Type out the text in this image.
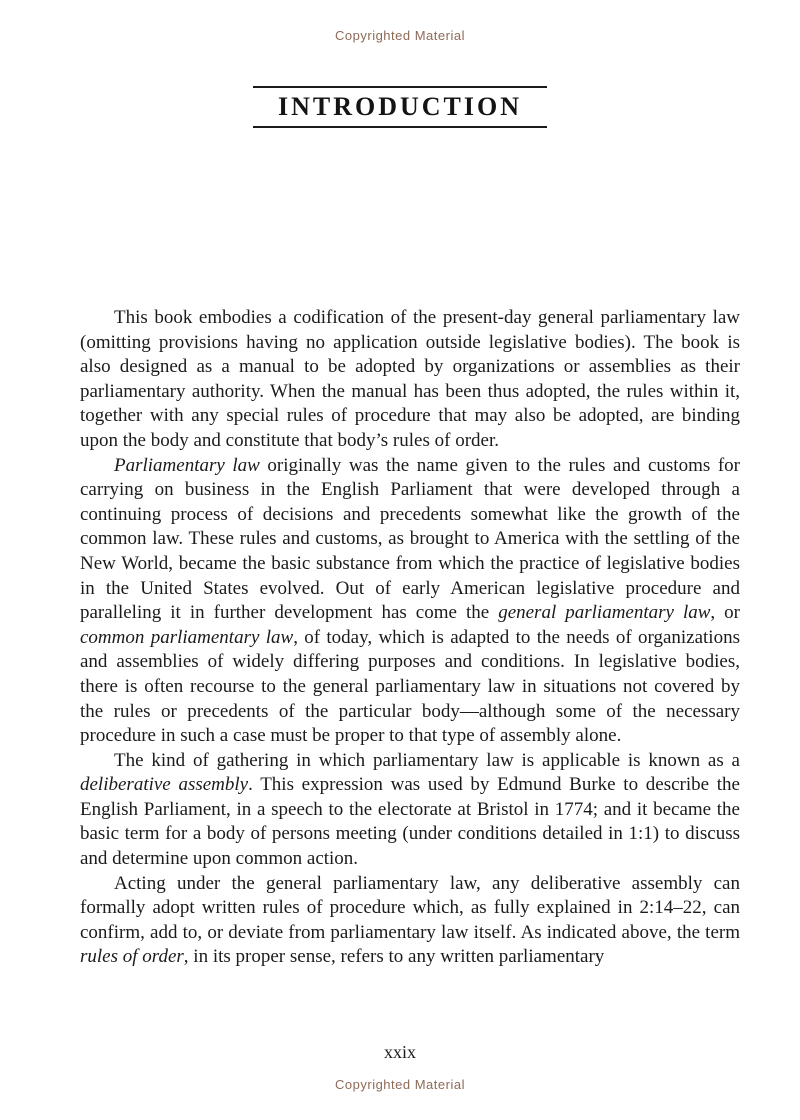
Copyrighted Material
INTRODUCTION

This book embodies a codification of the present-day general parliamentary law (omitting provisions having no application outside legislative bodies). The book is also designed as a manual to be adopted by organizations or assemblies as their parliamentary authority. When the manual has been thus adopted, the rules within it, together with any special rules of procedure that may also be adopted, are binding upon the body and constitute that body’s rules of order.

Parliamentary law originally was the name given to the rules and customs for carrying on business in the English Parliament that were developed through a continuing process of decisions and precedents somewhat like the growth of the common law. These rules and customs, as brought to America with the settling of the New World, became the basic substance from which the practice of legislative bodies in the United States evolved. Out of early American legislative procedure and paralleling it in further development has come the general parliamentary law, or common parliamentary law, of today, which is adapted to the needs of organizations and assemblies of widely differing purposes and conditions. In legislative bodies, there is often recourse to the general parliamentary law in situations not covered by the rules or precedents of the particular body—although some of the necessary procedure in such a case must be proper to that type of assembly alone.

The kind of gathering in which parliamentary law is applicable is known as a deliberative assembly. This expression was used by Edmund Burke to describe the English Parliament, in a speech to the electorate at Bristol in 1774; and it became the basic term for a body of persons meeting (under conditions detailed in 1:1) to discuss and determine upon common action.

Acting under the general parliamentary law, any deliberative assembly can formally adopt written rules of procedure which, as fully explained in 2:14–22, can confirm, add to, or deviate from parliamentary law itself. As indicated above, the term rules of order, in its proper sense, refers to any written parliamentary

xxix
Copyrighted Material
